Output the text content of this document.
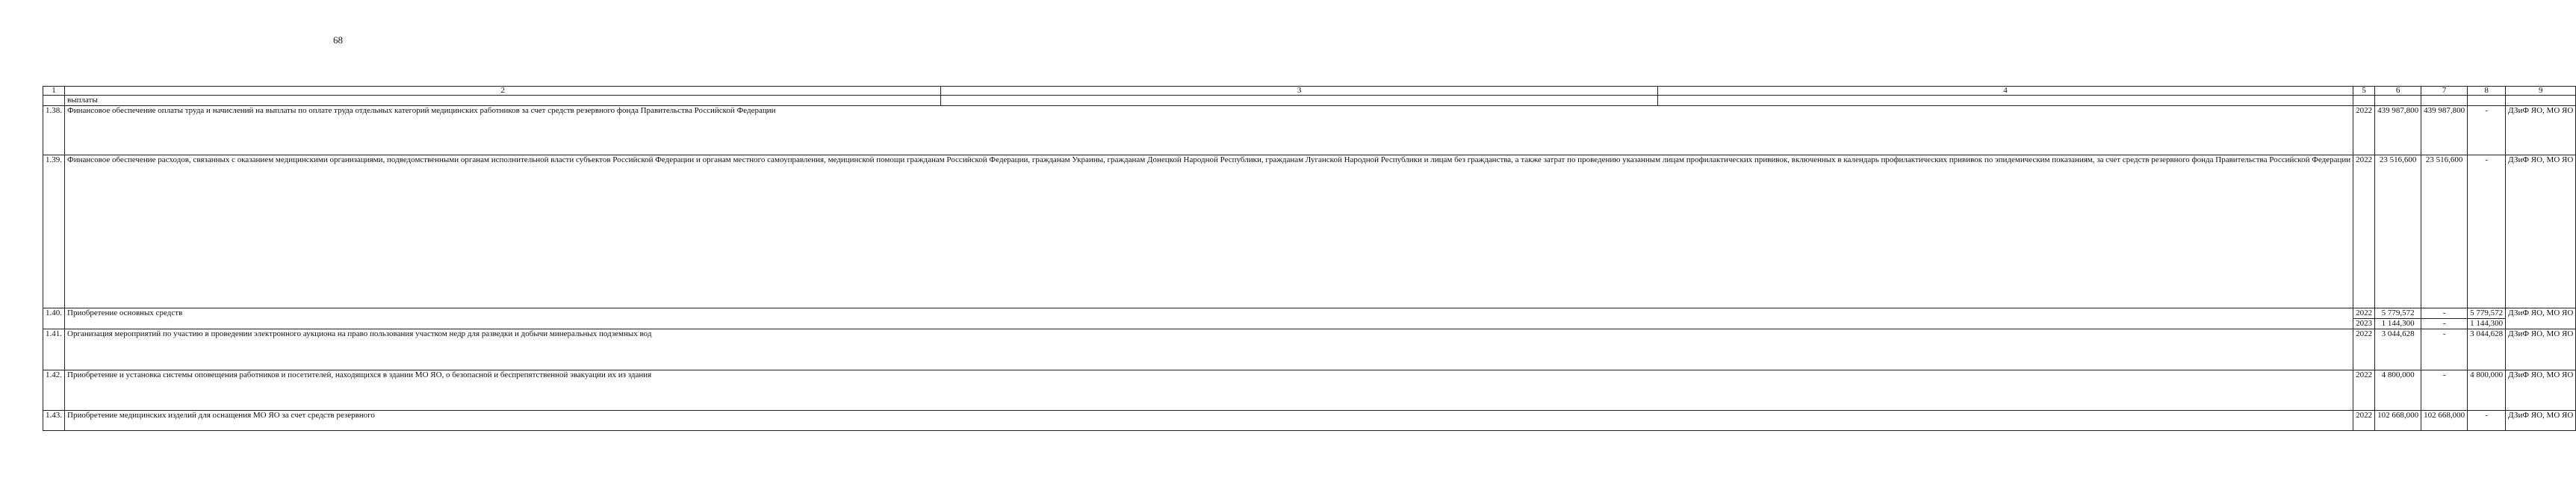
68
1	2	3	4	5	6	7	8	9
	выплаты							
1.38.	Финансовое обеспечение оплаты труда и начислений на выплаты по оплате труда отдельных категорий медицинских работников за счет средств резервного фонда Правительства Российской Федерации			2022	439 987,800	439 987,800	-	ДЗиФ ЯО, МО ЯО
1.39.	Финансовое обеспечение расходов, связанных с оказанием медицинскими организациями, подведомственными органам исполнительной власти субъектов Российской Федерации и органам местного самоуправления, медицинской помощи гражданам Российской Федерации, гражданам Украины, гражданам Донецкой Народной Республики, гражданам Луганской Народной Республики и лицам без гражданства, а также затрат по проведению указанным лицам профилактических прививок, включенных в календарь профилактических прививок по эпидемическим показаниям, за счет средств резервного фонда Правительства Российской Федерации			2022	23 516,600	23 516,600	-	ДЗиФ ЯО, МО ЯО
1.40.	Приобретение основных средств			2022	5 779,572	-	5 779,572	ДЗиФ ЯО, МО ЯО
				2023	1 144,300	-	1 144,300	
1.41.	Организация мероприятий по участию в проведении электронного аукциона на право пользования участком недр для разведки и добычи минеральных подземных вод			2022	3 044,628	-	3 044,628	ДЗиФ ЯО, МО ЯО
1.42.	Приобретение и установка системы оповещения работников и посетителей, находящихся в здании МО ЯО, о безопасной и беспрепятственной эвакуации их из здания			2022	4 800,000	-	4 800,000	ДЗиФ ЯО, МО ЯО
1.43.	Приобретение медицинских изделий для оснащения МО ЯО за счет средств резервного			2022	102 668,000	102 668,000	-	ДЗиФ ЯО, МО ЯО
